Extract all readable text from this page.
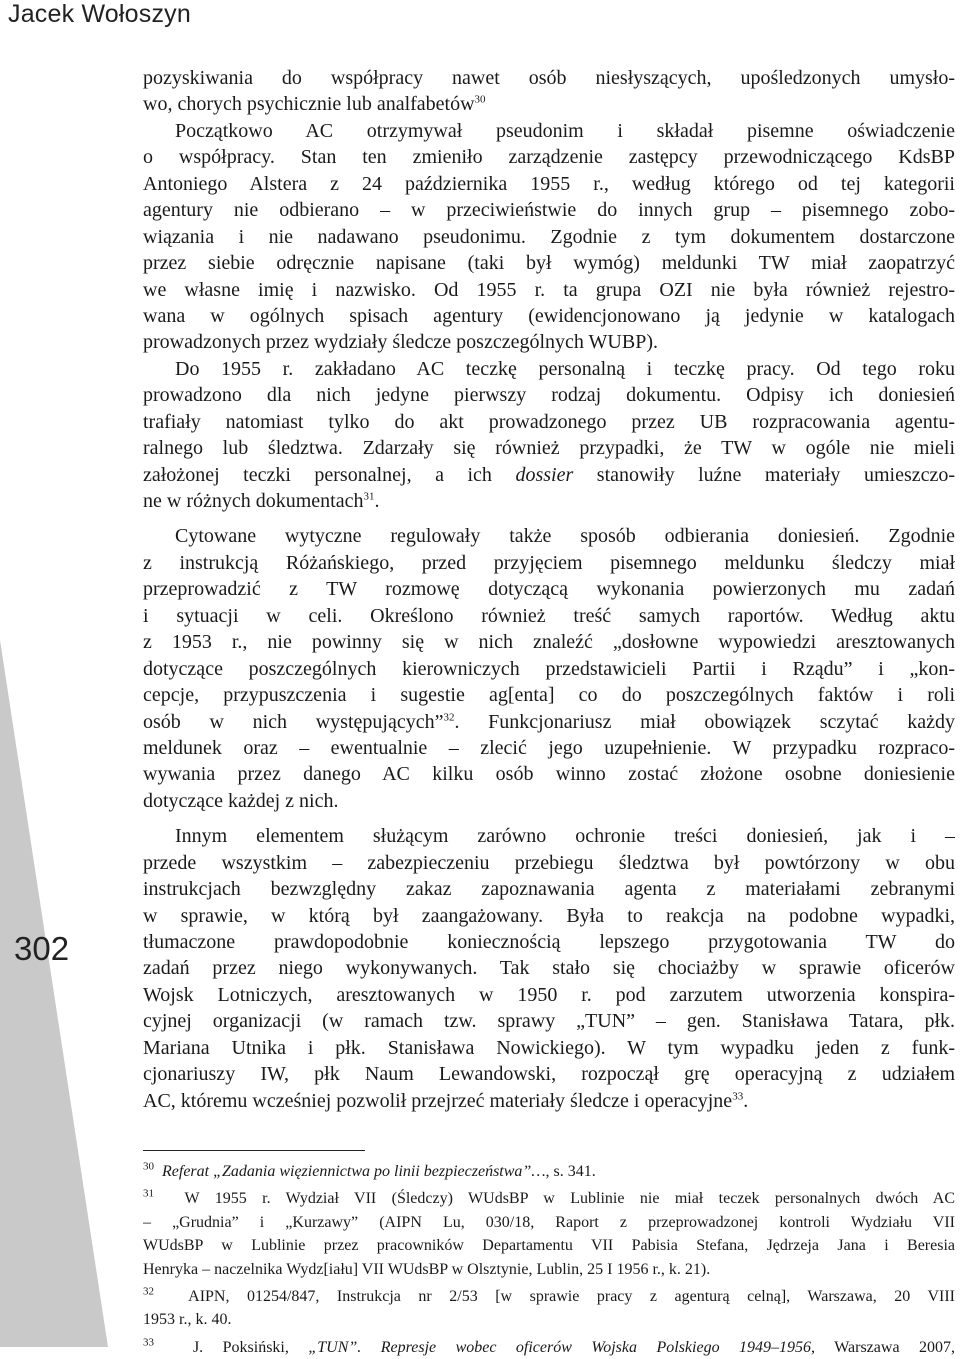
Jacek Wołoszyn
302
pozyskiwania do współpracy nawet osób niesłyszących, upośledzonych umysło-
wo, chorych psychicznie lub analfabetów$^{30}$
Początkowo AC otrzymywał pseudonim i składał pisemne oświadczenie
o współpracy. Stan ten zmieniło zarządzenie zastępcy przewodniczącego KdsBP
Antoniego Alstera z 24 października 1955 r., według którego od tej kategorii
agentury nie odbierano – w przeciwieństwie do innych grup – pisemnego zobo-
wiązania i nie nadawano pseudonimu. Zgodnie z tym dokumentem dostarczone
przez siebie odręcznie napisane (taki był wymóg) meldunki TW miał zaopatrzyć
we własne imię i nazwisko. Od 1955 r. ta grupa OZI nie była również rejestro-
wana w ogólnych spisach agentury (ewidencjonowano ją jedynie w katalogach
prowadzonych przez wydziały śledcze poszczególnych WUBP).
Do 1955 r. zakładano AC teczkę personalną i teczkę pracy. Od tego roku
prowadzono dla nich jedyne pierwszy rodzaj dokumentu. Odpisy ich doniesień
trafiały natomiast tylko do akt prowadzonego przez UB rozpracowania agentu-
ralnego lub śledztwa. Zdarzały się również przypadki, że TW w ogóle nie mieli
założonej teczki personalnej, a ich dossier stanowiły luźne materiały umieszczo-
ne w różnych dokumentach$^{31}$.
Cytowane wytyczne regulowały także sposób odbierania doniesień. Zgodnie
z instrukcją Różańskiego, przed przyjęciem pisemnego meldunku śledczy miał
przeprowadzić z TW rozmowę dotyczącą wykonania powierzonych mu zadań
i sytuacji w celi. Określono również treść samych raportów. Według aktu
z 1953 r., nie powinny się w nich znaleźć „dosłowne wypowiedzi aresztowanych
dotyczące poszczególnych kierowniczych przedstawicieli Partii i Rządu” i „kon-
cepcje, przypuszczenia i sugestie ag[enta] co do poszczególnych faktów i roli
osób w nich występujących”$^{32}$. Funkcjonariusz miał obowiązek sczytać każdy
meldunek oraz – ewentualnie – zlecić jego uzupełnienie. W przypadku rozpraco-
wywania przez danego AC kilku osób winno zostać złożone osobne doniesienie
dotyczące każdej z nich.
Innym elementem służącym zarówno ochronie treści doniesień, jak i –
przede wszystkim – zabezpieczeniu przebiegu śledztwa był powtórzony w obu
instrukcjach bezwzględny zakaz zapoznawania agenta z materiałami zebranymi
w sprawie, w którą był zaangażowany. Była to reakcja na podobne wypadki,
tłumaczone prawdopodobnie koniecznością lepszego przygotowania TW do
zadań przez niego wykonywanych. Tak stało się chociażby w sprawie oficerów
Wojsk Lotniczych, aresztowanych w 1950 r. pod zarzutem utworzenia konspira-
cyjnej organizacji (w ramach tzw. sprawy „TUN” – gen. Stanisława Tatara, płk.
Mariana Utnika i płk. Stanisława Nowickiego). W tym wypadku jeden z funk-
cjonariuszy IW, płk Naum Lewandowski, rozpoczął grę operacyjną z udziałem
AC, któremu wcześniej pozwolił przejrzeć materiały śledcze i operacyjne$^{33}$.
$^{30}$ Referat „Zadania więziennictwa po linii bezpieczeństwa”…, s. 341.
$^{31}$ W 1955 r. Wydział VII (Śledczy) WUdsBP w Lublinie nie miał teczek personalnych dwóch AC
– „Grudnia” i „Kurzawy” (AIPN Lu, 030/18, Raport z przeprowadzonej kontroli Wydziału VII
WUdsBP w Lublinie przez pracowników Departamentu VII Pabisia Stefana, Jędrzeja Jana i Beresia
Henryka – naczelnika Wydz[iału] VII WUdsBP w Olsztynie, Lublin, 25 I 1956 r., k. 21).
$^{32}$ AIPN, 01254/847, Instrukcja nr 2/53 [w sprawie pracy z agenturą celną], Warszawa, 20 VIII
1953 r., k. 40.
$^{33}$ J. Poksiński, „TUN”. Represje wobec oficerów Wojska Polskiego 1949–1956, Warszawa 2007,
